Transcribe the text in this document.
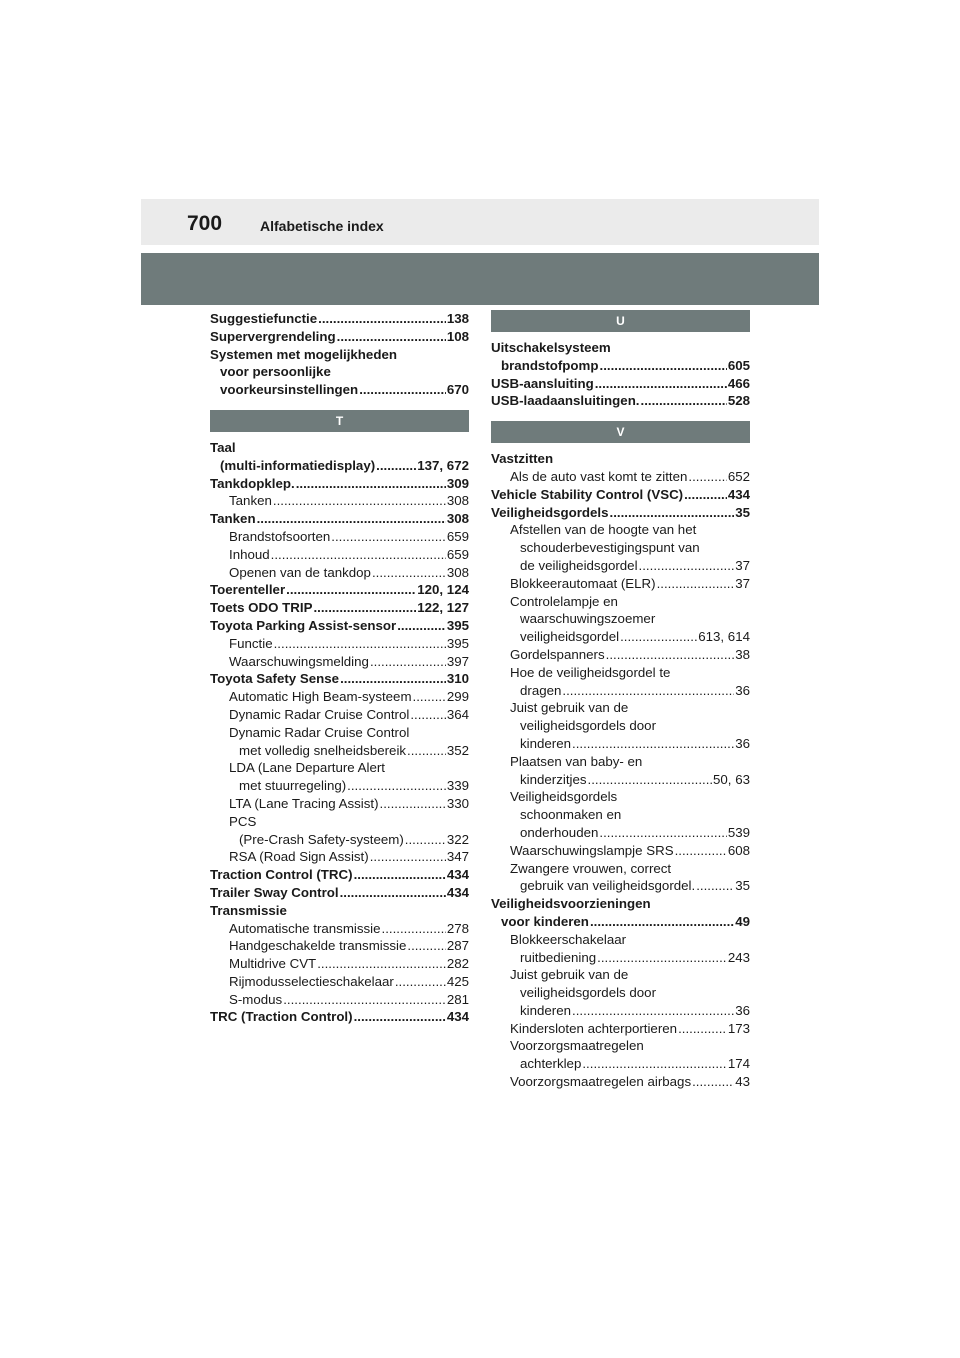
700	Alfabetische index
Suggestiefunctie .....	138
Supervergrendeling .....	108
Systemen met mogelijkheden
voor persoonlijke
voorkeursinstellingen .....	670
T
Taal
(multi-informatiedisplay) .....	137, 672
Tankdopklep. .....	309
Tanken .....	308
Tanken .....	308
Brandstofsoorten .....	659
Inhoud .....	659
Openen van de tankdop .....	308
Toerenteller .....	120, 124
Toets ODO TRIP .....	122, 127
Toyota Parking Assist-sensor .....	395
Functie .....	395
Waarschuwingsmelding .....	397
Toyota Safety Sense .....	310
Automatic High Beam-systeem .....	299
Dynamic Radar Cruise Control .....	364
Dynamic Radar Cruise Control
met volledig snelheidsbereik .....	352
LDA (Lane Departure Alert
met stuurregeling) .....	339
LTA (Lane Tracing Assist) .....	330
PCS
(Pre-Crash Safety-systeem) .....	322
RSA (Road Sign Assist) .....	347
Traction Control (TRC) .....	434
Trailer Sway Control .....	434
Transmissie
Automatische transmissie .....	278
Handgeschakelde transmissie .....	287
Multidrive CVT .....	282
Rijmodusselectieschakelaar .....	425
S-modus .....	281
TRC (Traction Control) .....	434
U
Uitschakelsysteem
brandstofpomp .....	605
USB-aansluiting .....	466
USB-laadaansluitingen. .....	528
V
Vastzitten
Als de auto vast komt te zitten .....	652
Vehicle Stability Control (VSC) .....	434
Veiligheidsgordels .....	35
Afstellen van de hoogte van het
schouderbevestigingspunt van
de veiligheidsgordel .....	37
Blokkeerautomaat (ELR) .....	37
Controlelampje en
waarschuwingszoemer
veiligheidsgordel .....	613, 614
Gordelspanners .....	38
Hoe de veiligheidsgordel te
dragen .....	36
Juist gebruik van de
veiligheidsgordels door
kinderen .....	36
Plaatsen van baby- en
kinderzitjes .....	50, 63
Veiligheidsgordels
schoonmaken en
onderhouden .....	539
Waarschuwingslampje SRS .....	608
Zwangere vrouwen, correct
gebruik van veiligheidsgordel. .....	35
Veiligheidsvoorzieningen
voor kinderen .....	49
Blokkeerschakelaar
ruitbediening .....	243
Juist gebruik van de
veiligheidsgordels door
kinderen .....	36
Kindersloten achterportieren .....	173
Voorzorgsmaatregelen
achterklep .....	174
Voorzorgsmaatregelen airbags .....	43
